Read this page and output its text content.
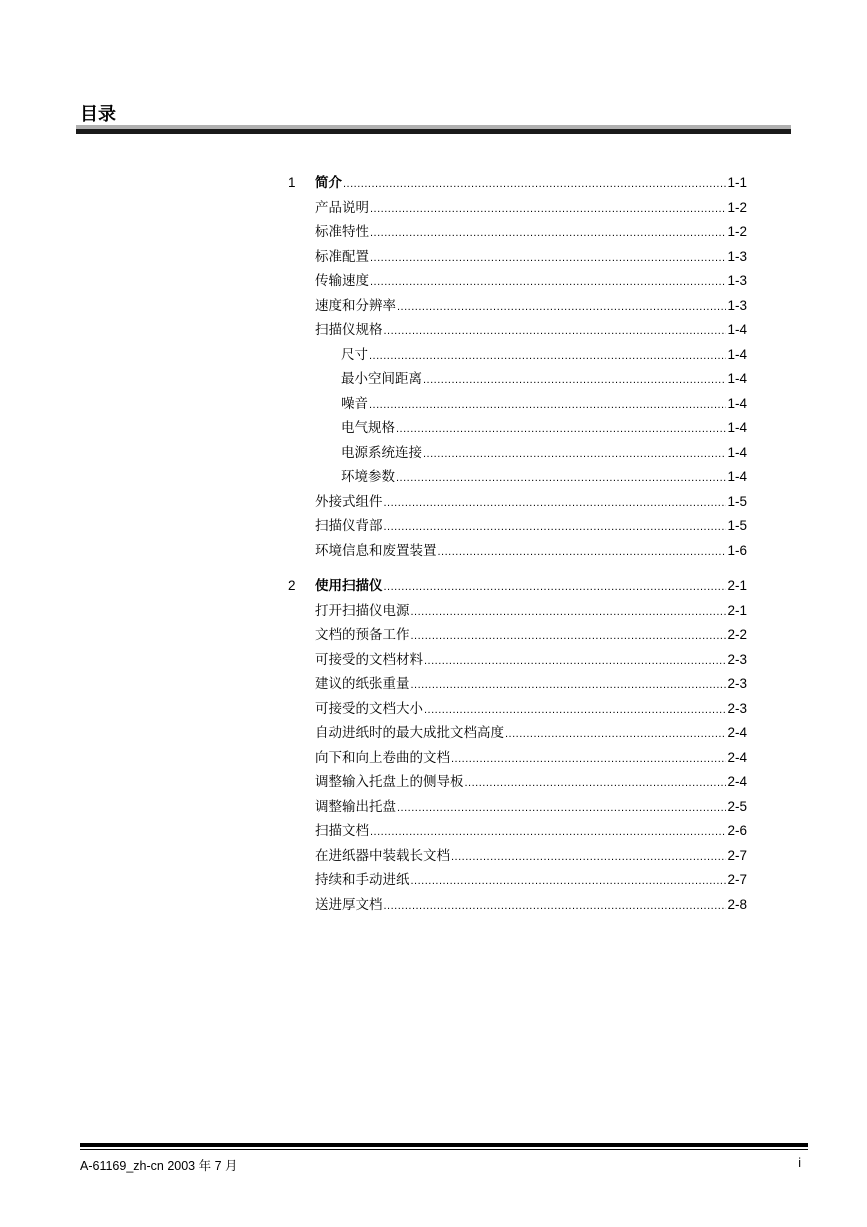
目录
1 简介 .....	1-1
产品说明 .....	1-2
标准特性 .....	1-2
标准配置 .....	1-3
传输速度 .....	1-3
速度和分辨率 .....	1-3
扫描仪规格 .....	1-4
尺寸 .....	1-4
最小空间距离 .....	1-4
噪音 .....	1-4
电气规格 .....	1-4
电源系统连接 .....	1-4
环境参数 .....	1-4
外接式组件 .....	1-5
扫描仪背部 .....	1-5
环境信息和废置装置 .....	1-6
2 使用扫描仪 .....	2-1
打开扫描仪电源 .....	2-1
文档的预备工作 .....	2-2
可接受的文档材料 .....	2-3
建议的纸张重量 .....	2-3
可接受的文档大小 .....	2-3
自动进纸时的最大成批文档高度 .....	2-4
向下和向上卷曲的文档 .....	2-4
调整输入托盘上的侧导板 .....	2-4
调整输出托盘 .....	2-5
扫描文档 .....	2-6
在进纸器中装载长文档 .....	2-7
持续和手动进纸 .....	2-7
送进厚文档 .....	2-8
A-61169_zh-cn 2003 年 7 月	i
